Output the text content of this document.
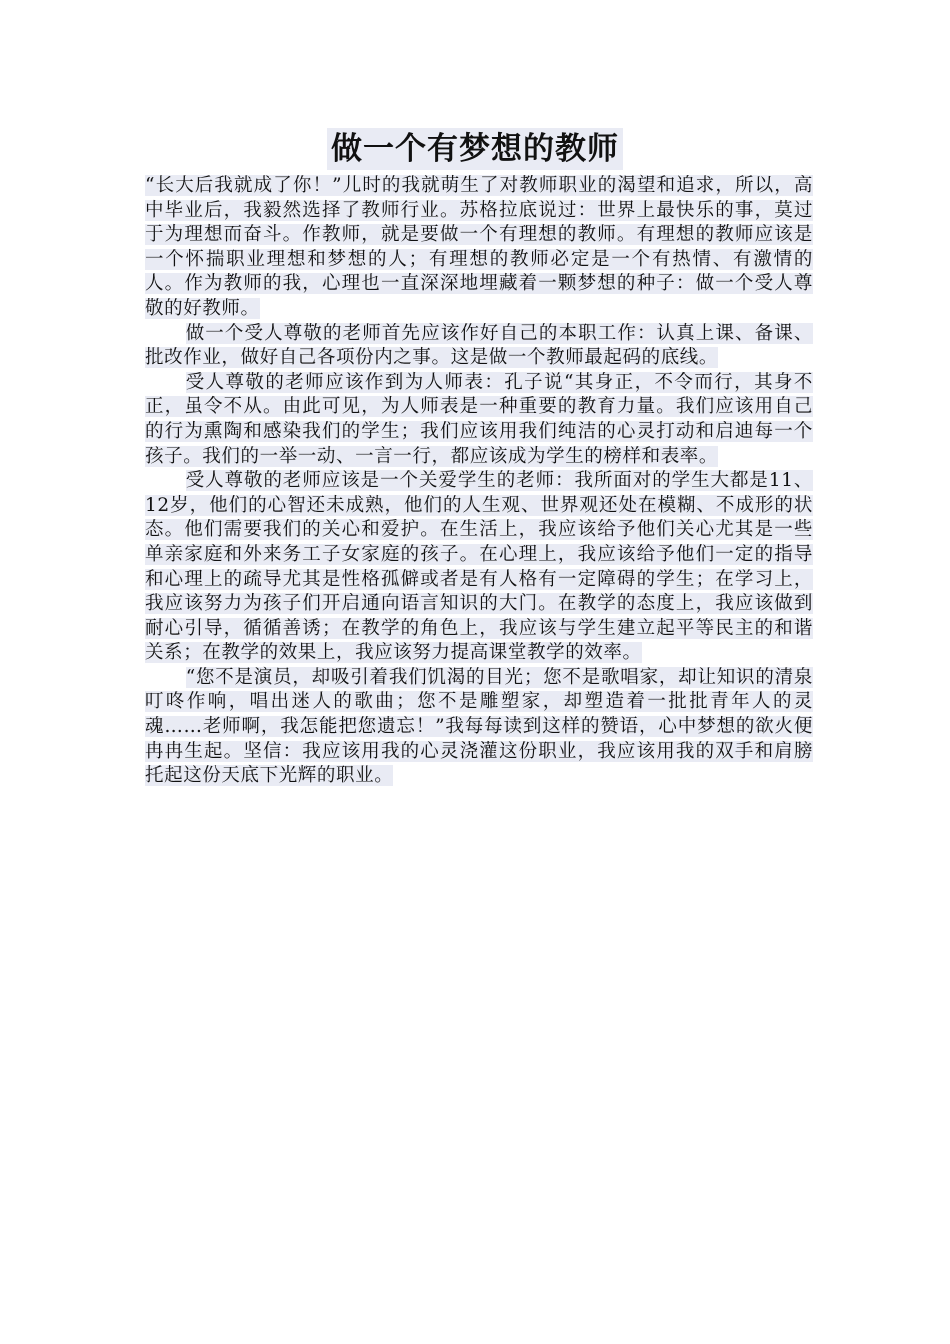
做一个有梦想的教师

“长大后我就成了你！”儿时的我就萌生了对教师职业的渴望和追求，所以，高中毕业后，我毅然选择了教师行业。苏格拉底说过：世界上最快乐的事，莫过于为理想而奋斗。作教师，就是要做一个有理想的教师。有理想的教师应该是一个怀揣职业理想和梦想的人；有理想的教师必定是一个有热情、有激情的人。作为教师的我，心理也一直深深地埋藏着一颗梦想的种子：做一个受人尊敬的好教师。

做一个受人尊敬的老师首先应该作好自己的本职工作：认真上课、备课、批改作业，做好自己各项份内之事。这是做一个教师最起码的底线。

受人尊敬的老师应该作到为人师表：孔子说“其身正，不令而行，其身不正，虽令不从。由此可见，为人师表是一种重要的教育力量。我们应该用自己的行为熏陶和感染我们的学生；我们应该用我们纯洁的心灵打动和启迪每一个孩子。我们的一举一动、一言一行，都应该成为学生的榜样和表率。

受人尊敬的老师应该是一个关爱学生的老师：我所面对的学生大都是11、12岁，他们的心智还未成熟，他们的人生观、世界观还处在模糊、不成形的状态。他们需要我们的关心和爱护。在生活上，我应该给予他们关心尤其是一些单亲家庭和外来务工子女家庭的孩子。在心理上，我应该给予他们一定的指导和心理上的疏导尤其是性格孤僻或者是有人格有一定障碍的学生；在学习上，我应该努力为孩子们开启通向语言知识的大门。在教学的态度上，我应该做到耐心引导，循循善诱；在教学的角色上，我应该与学生建立起平等民主的和谐关系；在教学的效果上，我应该努力提高课堂教学的效率。

“您不是演员，却吸引着我们饥渴的目光；您不是歌唱家，却让知识的清泉叮咚作响，唱出迷人的歌曲；您不是雕塑家，却塑造着一批批青年人的灵魂……老师啊，我怎能把您遗忘！”我每每读到这样的赞语，心中梦想的欲火便冉冉生起。坚信：我应该用我的心灵浇灌这份职业，我应该用我的双手和肩膀托起这份天底下光辉的职业。
